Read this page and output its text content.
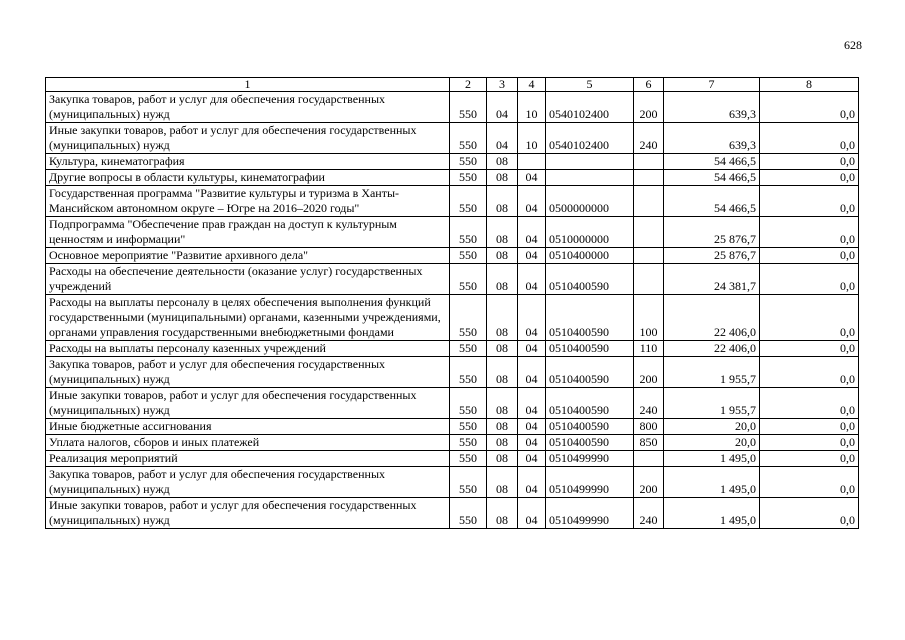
628
1	2	3	4	5	6	7	8
Закупка товаров, работ и услуг для обеспечения государственных (муниципальных) нужд	550	04	10	0540102400	200	639,3	0,0
Иные закупки товаров, работ и услуг для обеспечения государственных (муниципальных) нужд	550	04	10	0540102400	240	639,3	0,0
Культура, кинематография	550	08				54 466,5	0,0
Другие вопросы в области культуры, кинематографии	550	08	04			54 466,5	0,0
Государственная программа "Развитие культуры и туризма в Ханты-Мансийском автономном округе – Югре на 2016–2020 годы"	550	08	04	0500000000		54 466,5	0,0
Подпрограмма "Обеспечение прав граждан на доступ к культурным ценностям и информации"	550	08	04	0510000000		25 876,7	0,0
Основное мероприятие "Развитие архивного дела"	550	08	04	0510400000		25 876,7	0,0
Расходы на обеспечение деятельности (оказание услуг) государственных учреждений	550	08	04	0510400590		24 381,7	0,0
Расходы на выплаты персоналу в целях обеспечения выполнения функций государственными (муниципальными) органами, казенными учреждениями, органами управления государственными внебюджетными фондами	550	08	04	0510400590	100	22 406,0	0,0
Расходы на выплаты персоналу казенных учреждений	550	08	04	0510400590	110	22 406,0	0,0
Закупка товаров, работ и услуг для обеспечения государственных (муниципальных) нужд	550	08	04	0510400590	200	1 955,7	0,0
Иные закупки товаров, работ и услуг для обеспечения государственных (муниципальных) нужд	550	08	04	0510400590	240	1 955,7	0,0
Иные бюджетные ассигнования	550	08	04	0510400590	800	20,0	0,0
Уплата налогов, сборов и иных платежей	550	08	04	0510400590	850	20,0	0,0
Реализация мероприятий	550	08	04	0510499990		1 495,0	0,0
Закупка товаров, работ и услуг для обеспечения государственных (муниципальных) нужд	550	08	04	0510499990	200	1 495,0	0,0
Иные закупки товаров, работ и услуг для обеспечения государственных (муниципальных) нужд	550	08	04	0510499990	240	1 495,0	0,0
